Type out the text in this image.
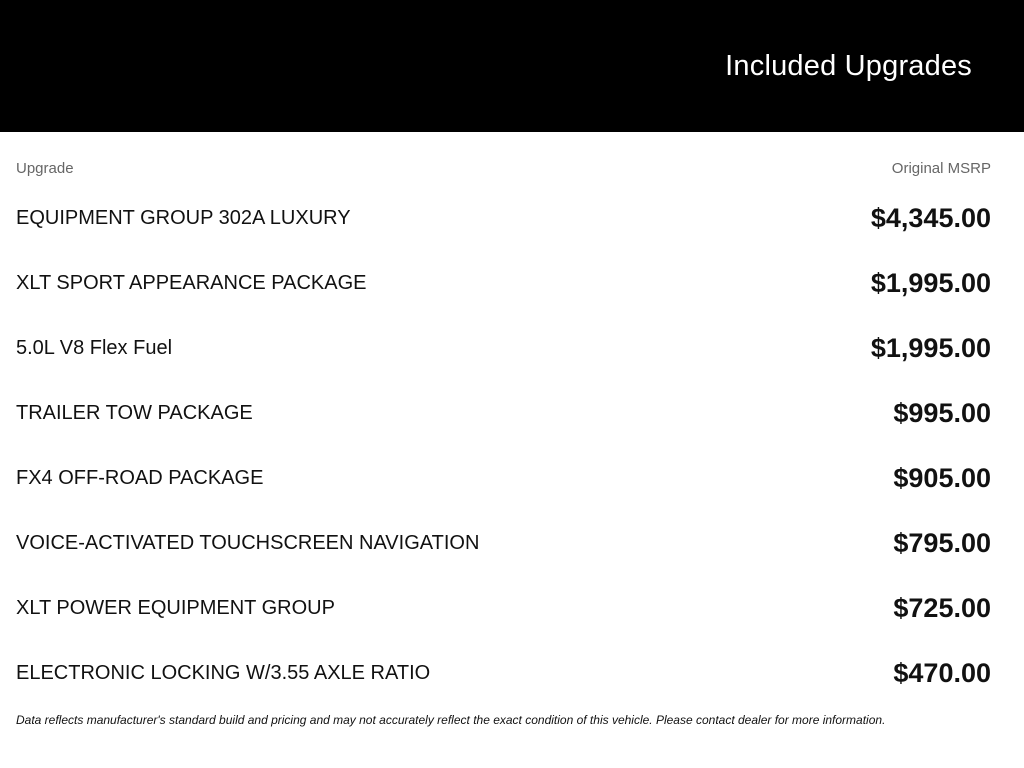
Included Upgrades
Upgrade	Original MSRP
EQUIPMENT GROUP 302A LUXURY	$4,345.00
XLT SPORT APPEARANCE PACKAGE	$1,995.00
5.0L V8 Flex Fuel	$1,995.00
TRAILER TOW PACKAGE	$995.00
FX4 OFF-ROAD PACKAGE	$905.00
VOICE-ACTIVATED TOUCHSCREEN NAVIGATION	$795.00
XLT POWER EQUIPMENT GROUP	$725.00
ELECTRONIC LOCKING W/3.55 AXLE RATIO	$470.00
Data reflects manufacturer's standard build and pricing and may not accurately reflect the exact condition of this vehicle. Please contact dealer for more information.
